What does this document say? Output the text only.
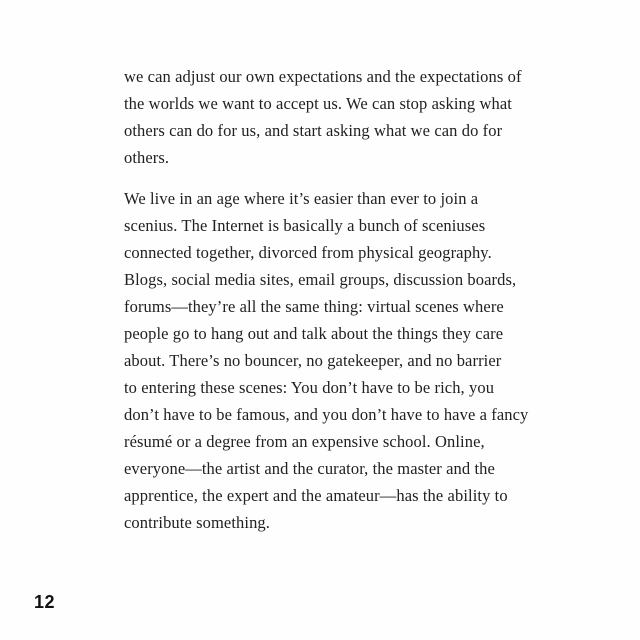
we can adjust our own expectations and the expectations of
the worlds we want to accept us. We can stop asking what
others can do for us, and start asking what we can do for
others.
We live in an age where it’s easier than ever to join a
scenius. The Internet is basically a bunch of sceniuses
connected together, divorced from physical geography.
Blogs, social media sites, email groups, discussion boards,
forums—they’re all the same thing: virtual scenes where
people go to hang out and talk about the things they care
about. There’s no bouncer, no gatekeeper, and no barrier
to entering these scenes: You don’t have to be rich, you
don’t have to be famous, and you don’t have to have a fancy
résumé or a degree from an expensive school. Online,
everyone—the artist and the curator, the master and the
apprentice, the expert and the amateur—has the ability to
contribute something.
12
